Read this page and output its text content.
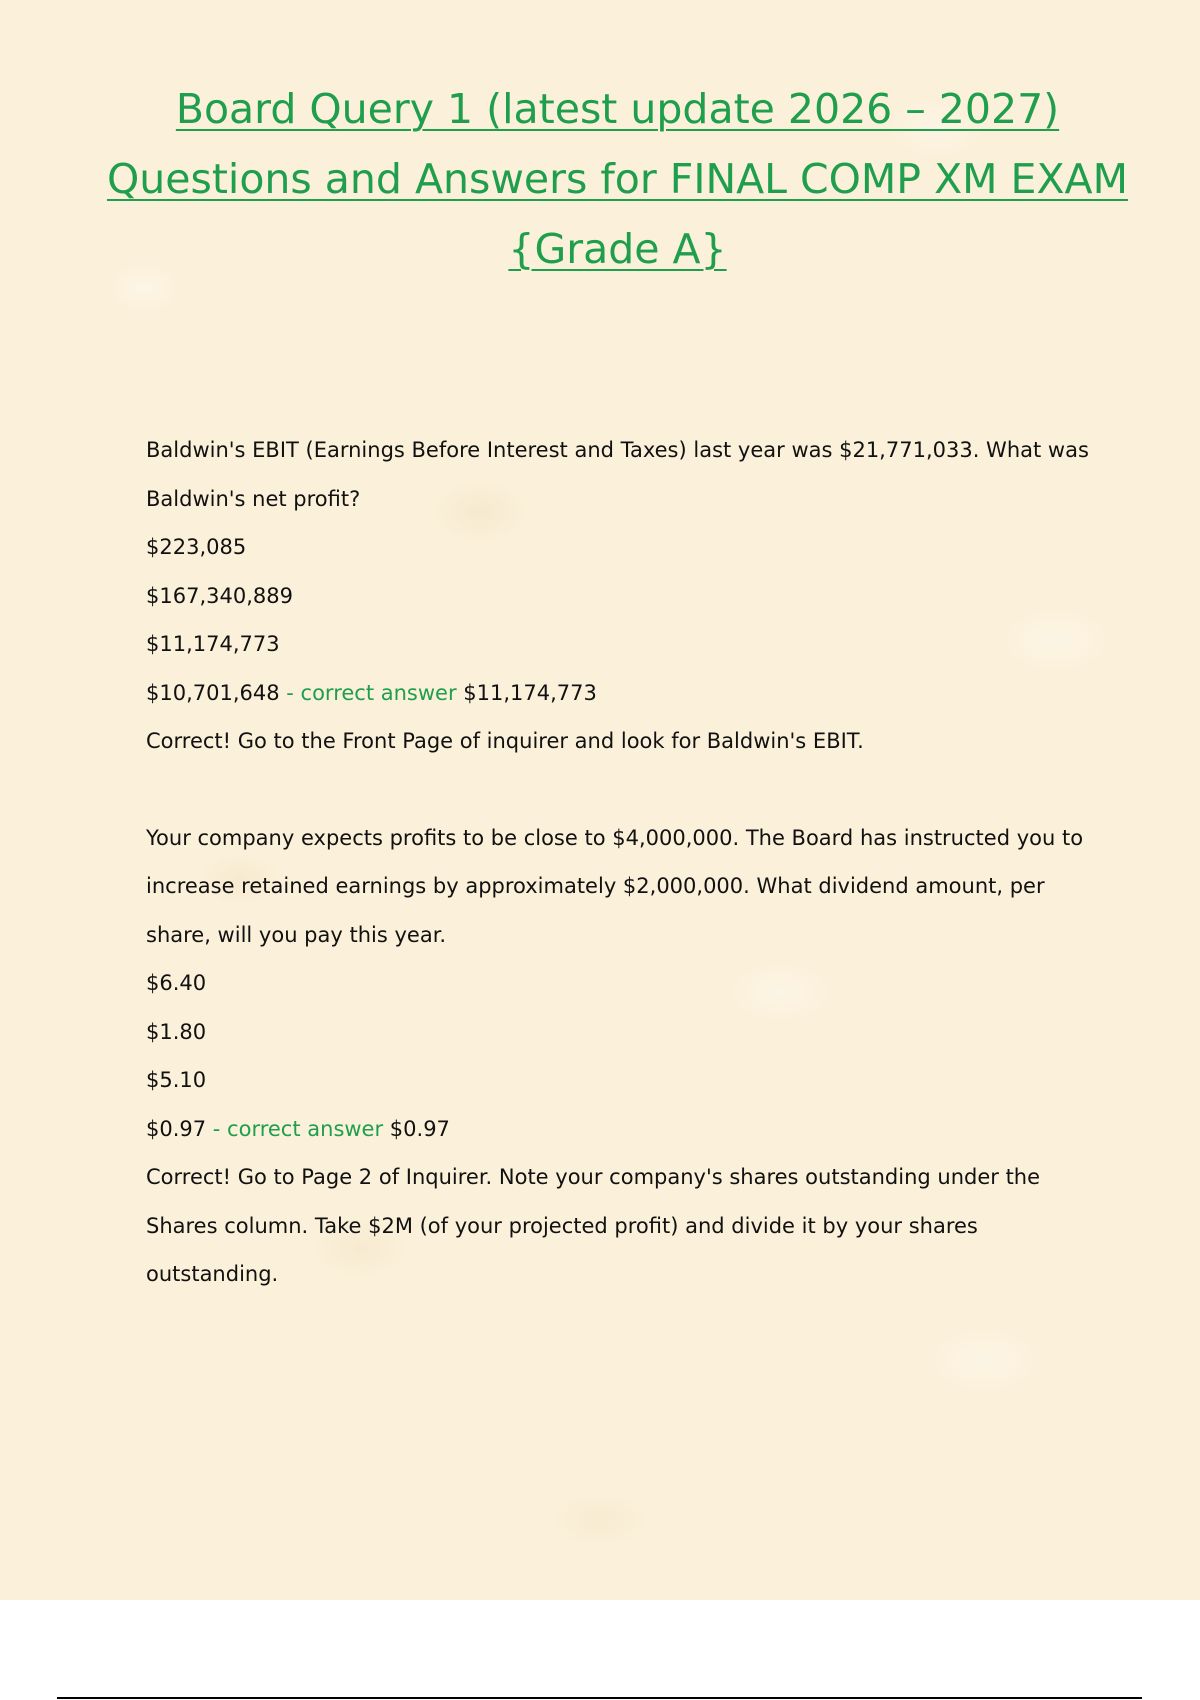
Board Query 1 (latest update 2026 – 2027) Questions and Answers for FINAL COMP XM EXAM {Grade A}

Baldwin's EBIT (Earnings Before Interest and Taxes) last year was $21,771,033. What was Baldwin's net profit?

$223,085

$167,340,889

$11,174,773

$10,701,648 - correct answer $11,174,773

Correct! Go to the Front Page of inquirer and look for Baldwin's EBIT.

Your company expects profits to be close to $4,000,000. The Board has instructed you to increase retained earnings by approximately $2,000,000. What dividend amount, per share, will you pay this year.

$6.40

$1.80

$5.10

$0.97 - correct answer $0.97

Correct! Go to Page 2 of Inquirer. Note your company's shares outstanding under the Shares column. Take $2M (of your projected profit) and divide it by your shares outstanding.
